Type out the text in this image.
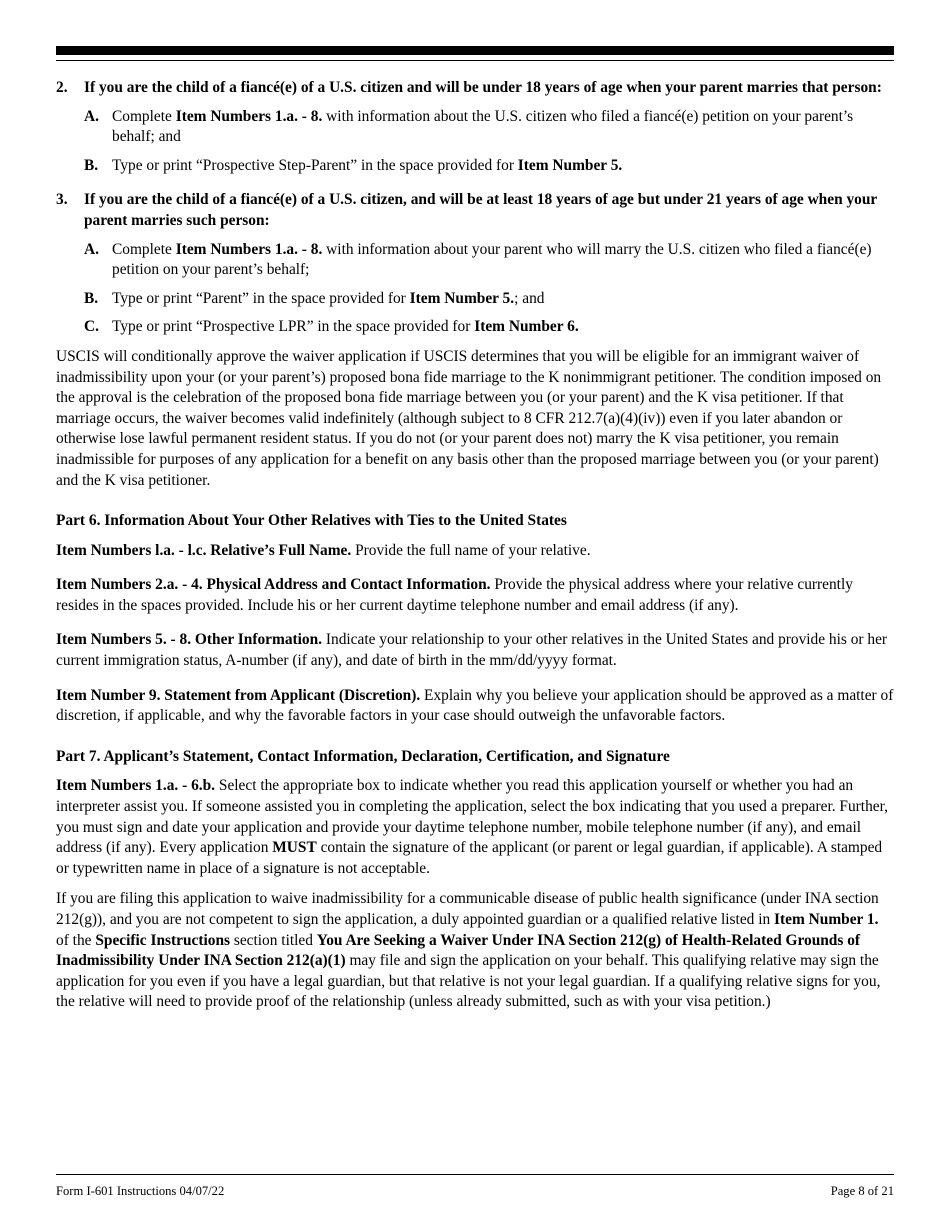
2. If you are the child of a fiancé(e) of a U.S. citizen and will be under 18 years of age when your parent marries that person:
A. Complete Item Numbers 1.a. - 8. with information about the U.S. citizen who filed a fiancé(e) petition on your parent’s behalf; and
B. Type or print “Prospective Step-Parent” in the space provided for Item Number 5.
3. If you are the child of a fiancé(e) of a U.S. citizen, and will be at least 18 years of age but under 21 years of age when your parent marries such person:
A. Complete Item Numbers 1.a. - 8. with information about your parent who will marry the U.S. citizen who filed a fiancé(e) petition on your parent’s behalf;
B. Type or print “Parent” in the space provided for Item Number 5.; and
C. Type or print “Prospective LPR” in the space provided for Item Number 6.

USCIS will conditionally approve the waiver application if USCIS determines that you will be eligible for an immigrant waiver of inadmissibility upon your (or your parent’s) proposed bona fide marriage to the K nonimmigrant petitioner. The condition imposed on the approval is the celebration of the proposed bona fide marriage between you (or your parent) and the K visa petitioner. If that marriage occurs, the waiver becomes valid indefinitely (although subject to 8 CFR 212.7(a)(4)(iv)) even if you later abandon or otherwise lose lawful permanent resident status. If you do not (or your parent does not) marry the K visa petitioner, you remain inadmissible for purposes of any application for a benefit on any basis other than the proposed marriage between you (or your parent) and the K visa petitioner.

Part 6. Information About Your Other Relatives with Ties to the United States

Item Numbers l.a. - l.c. Relative’s Full Name. Provide the full name of your relative.

Item Numbers 2.a. - 4. Physical Address and Contact Information. Provide the physical address where your relative currently resides in the spaces provided. Include his or her current daytime telephone number and email address (if any).

Item Numbers 5. - 8. Other Information. Indicate your relationship to your other relatives in the United States and provide his or her current immigration status, A-number (if any), and date of birth in the mm/dd/yyyy format.

Item Number 9. Statement from Applicant (Discretion). Explain why you believe your application should be approved as a matter of discretion, if applicable, and why the favorable factors in your case should outweigh the unfavorable factors.

Part 7. Applicant’s Statement, Contact Information, Declaration, Certification, and Signature

Item Numbers 1.a. - 6.b. Select the appropriate box to indicate whether you read this application yourself or whether you had an interpreter assist you. If someone assisted you in completing the application, select the box indicating that you used a preparer. Further, you must sign and date your application and provide your daytime telephone number, mobile telephone number (if any), and email address (if any). Every application MUST contain the signature of the applicant (or parent or legal guardian, if applicable). A stamped or typewritten name in place of a signature is not acceptable.

If you are filing this application to waive inadmissibility for a communicable disease of public health significance (under INA section 212(g)), and you are not competent to sign the application, a duly appointed guardian or a qualified relative listed in Item Number 1. of the Specific Instructions section titled You Are Seeking a Waiver Under INA Section 212(g) of Health-Related Grounds of Inadmissibility Under INA Section 212(a)(1) may file and sign the application on your behalf. This qualifying relative may sign the application for you even if you have a legal guardian, but that relative is not your legal guardian. If a qualifying relative signs for you, the relative will need to provide proof of the relationship (unless already submitted, such as with your visa petition.)

Form I-601 Instructions 04/07/22	Page 8 of 21
